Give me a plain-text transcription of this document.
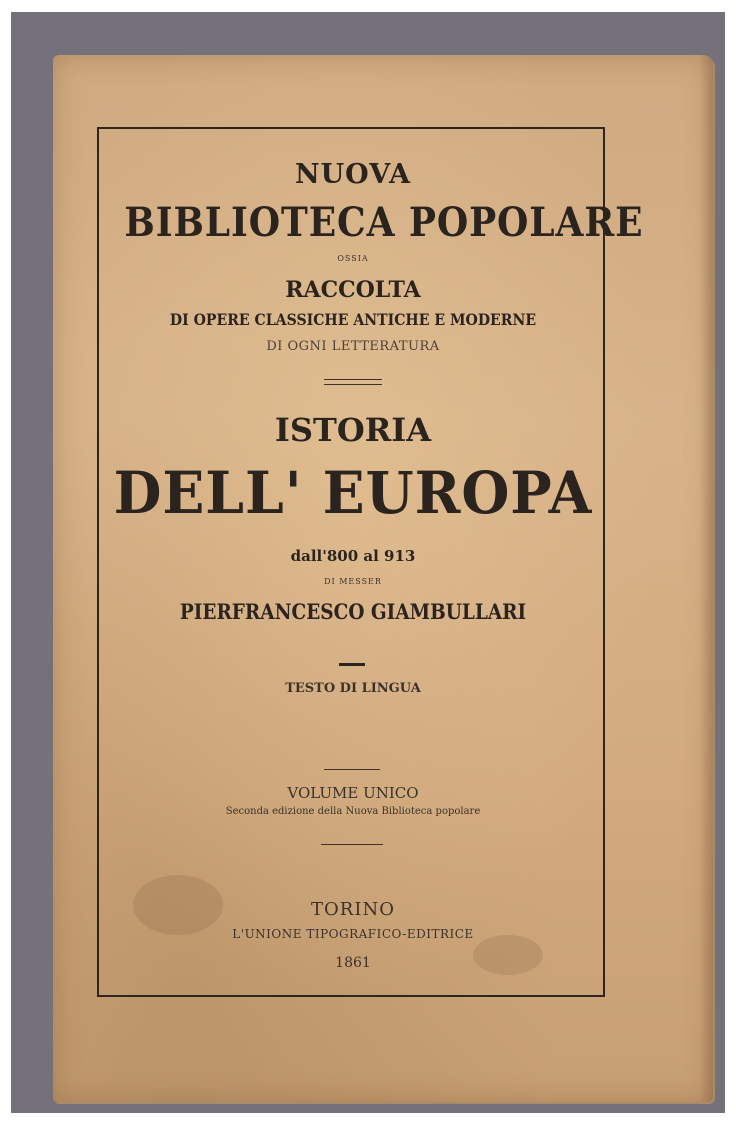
NUOVA
BIBLIOTECA POPOLARE
OSSIA
RACCOLTA
DI OPERE CLASSICHE ANTICHE E MODERNE
DI OGNI LETTERATURA
ISTORIA
DELL' EUROPA
dall'800 al 913
DI MESSER
PIERFRANCESCO GIAMBULLARI
TESTO DI LINGUA
VOLUME UNICO
Seconda edizione della Nuova Biblioteca popolare
TORINO
L'UNIONE TIPOGRAFICO-EDITRICE
1861
